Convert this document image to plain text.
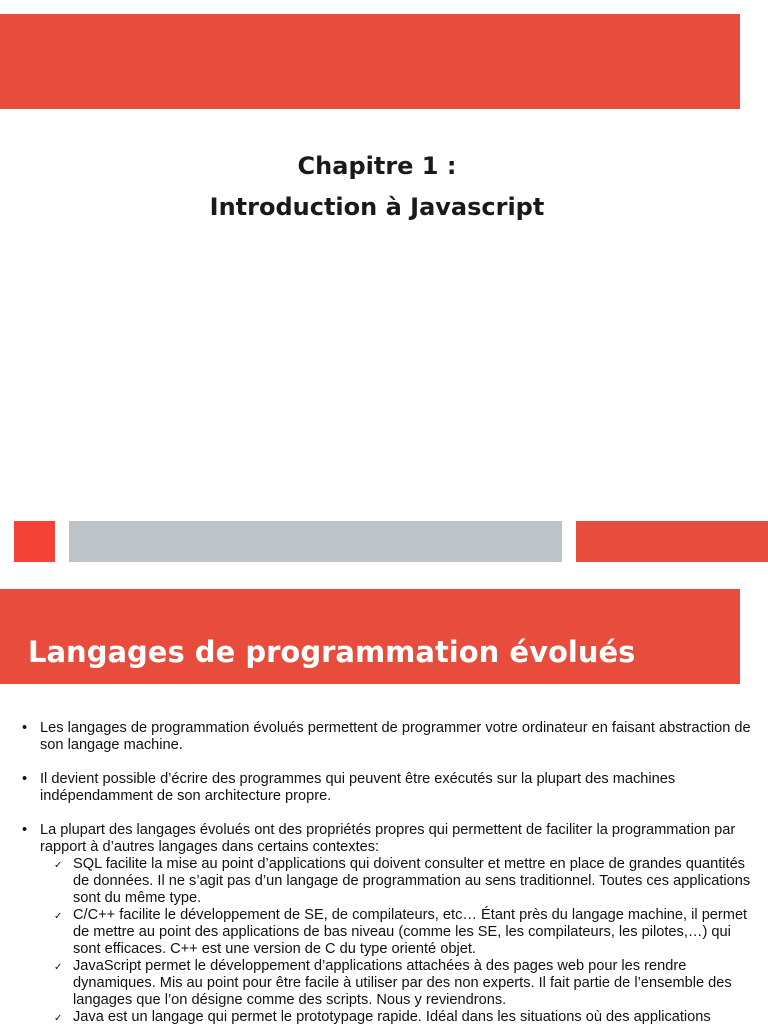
Chapitre 1 :
Introduction à Javascript
Langages de programmation évolués
• Les langages de programmation évolués permettent de programmer votre ordinateur en faisant abstraction de son langage machine.
• Il devient possible d’écrire des programmes qui peuvent être exécutés sur la plupart des machines indépendamment de son architecture propre.
• La plupart des langages évolués ont des propriétés propres qui permettent de faciliter la programmation par rapport à d’autres langages dans certains contextes:
✓ SQL facilite la mise au point d’applications qui doivent consulter et mettre en place de grandes quantités de données. Il ne s’agit pas d’un langage de programmation au sens traditionnel. Toutes ces applications sont du même type.
✓ C/C++ facilite le développement de SE, de compilateurs, etc… Étant près du langage machine, il permet de mettre au point des applications de bas niveau (comme les SE, les compilateurs, les pilotes,…) qui sont efficaces. C++ est une version de C du type orienté objet.
✓ JavaScript permet le développement d’applications attachées à des pages web pour les rendre dynamiques. Mis au point pour être facile à utiliser par des non experts. Il fait partie de l’ensemble des langages que l’on désigne comme des scripts. Nous y reviendrons.
✓ Java est un langage qui permet le prototypage rapide. Idéal dans les situations où des applications
